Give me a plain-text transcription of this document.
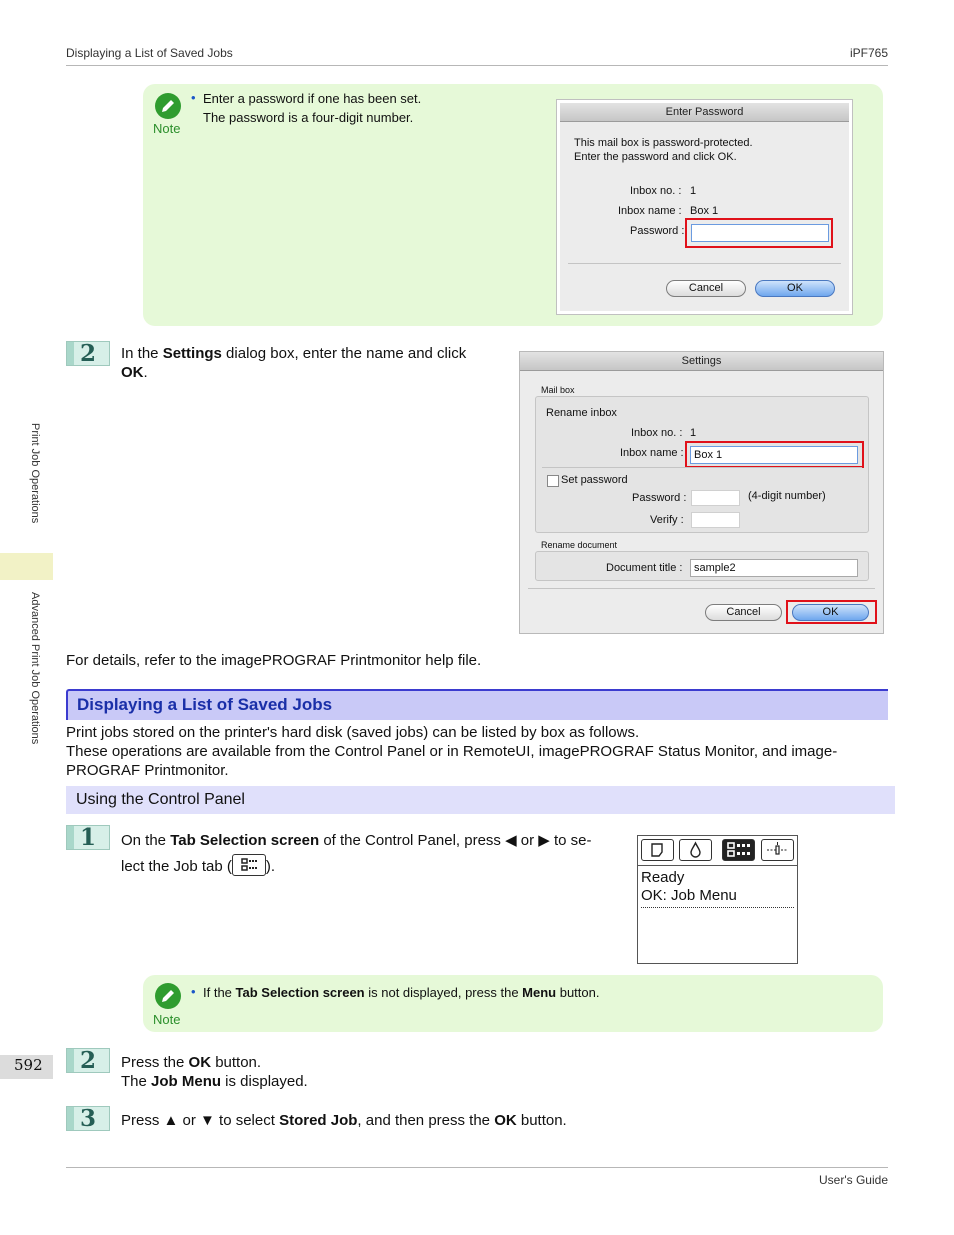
Displaying a List of Saved Jobs	iPF765
Note
• Enter a password if one has been set.
The password is a four-digit number.	Enter Password
This mail box is password-protected.
Enter the password and click OK.
Inbox no. : 1
Inbox name : Box 1
Password :
Cancel	OK
2	In the Settings dialog box, enter the name and click
OK.
Settings
Mail box
Rename inbox
Inbox no. : 1
Inbox name : Box 1
Set password
Password :	(4-digit number)
Verify :
Rename document
Document title :	sample2
Cancel	OK
For details, refer to the imagePROGRAF Printmonitor help file.
Displaying a List of Saved Jobs
Print jobs stored on the printer's hard disk (saved jobs) can be listed by box as follows.
These operations are available from the Control Panel or in RemoteUI, imagePROGRAF Status Monitor, and image-
PROGRAF Printmonitor.
Using the Control Panel
1	On the Tab Selection screen of the Control Panel, press ◀ or ▶ to se-
lect the Job tab ( ).
Ready
OK: Job Menu
Note
• If the Tab Selection screen is not displayed, press the Menu button.
2	Press the OK button.
The Job Menu is displayed.
3	Press ▲ or ▼ to select Stored Job, and then press the OK button.
Print Job Operations
Advanced Print Job Operations
592
User's Guide
